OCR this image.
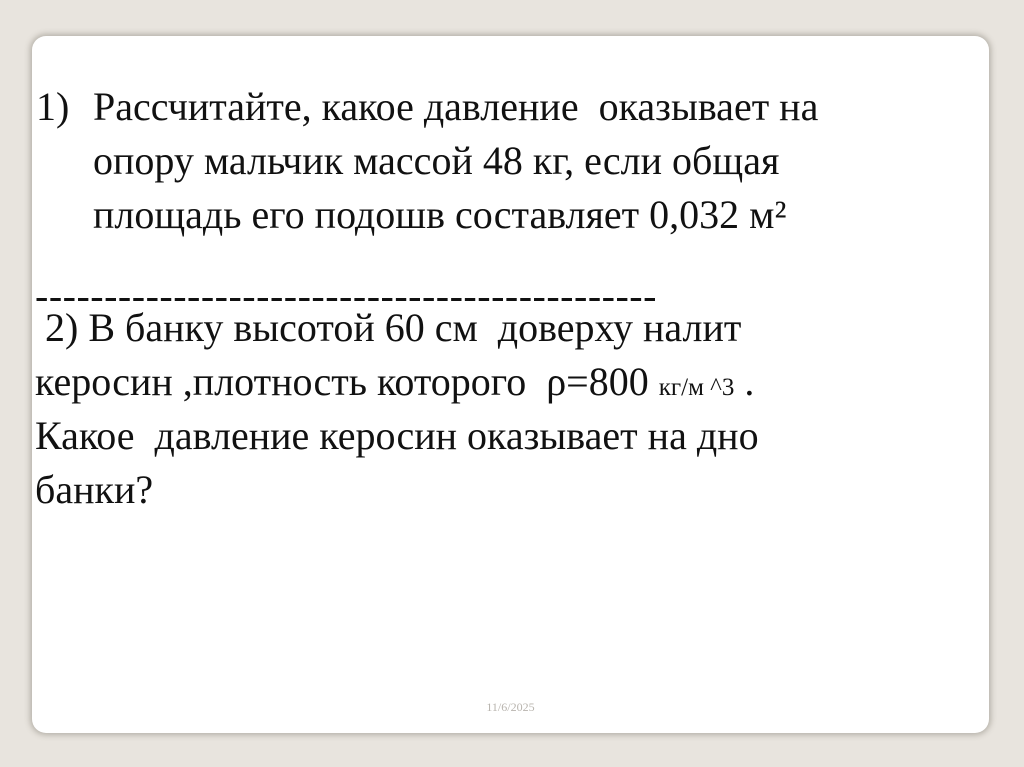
1) Рассчитайте, какое давление  оказывает на
опору мальчик массой 48 кг, если общая
площадь его подошв составляет 0,032 м²
---------------------------------------------
2) В банку высотой 60 см  доверху налит
керосин ,плотность которого  ρ=800 кг/м ^3 .
Какое  давление керосин оказывает на дно
банки?
11/6/2025
